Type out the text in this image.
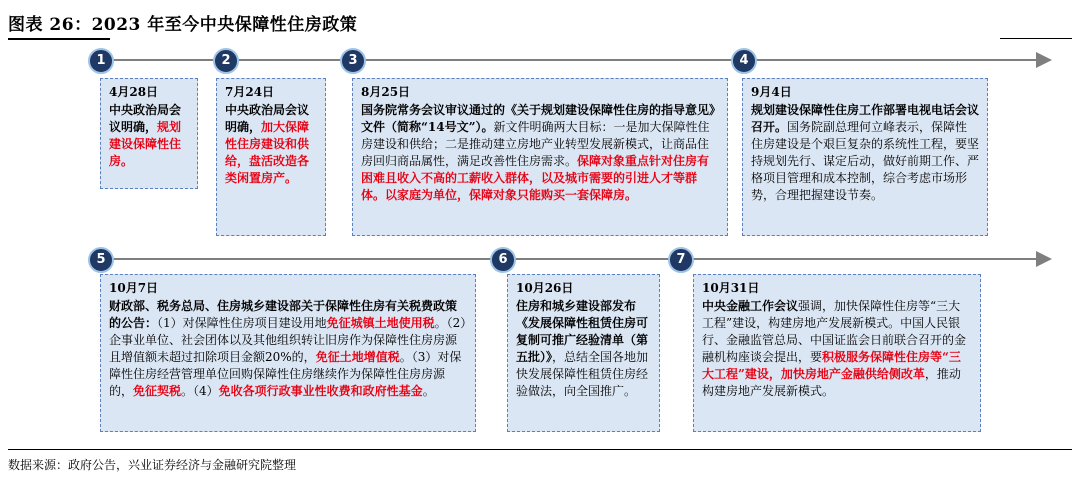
图表 26：2023 年至今中央保障性住房政策
1
4月28日

中央政治局会议明确，规划建设保障性住房。

2
7月24日

中央政治局会议明确，加大保障性住房建设和供给，盘活改造各类闲置房产。

3
8月25日

国务院常务会议审议通过的《关于规划建设保障性住房的指导意见》文件（简称“14号文”）。新文件明确两大目标：一是加大保障性住房建设和供给；二是推动建立房地产业转型发展新模式，让商品住房回归商品属性，满足改善性住房需求。保障对象重点针对住房有困难且收入不高的工薪收入群体，以及城市需要的引进人才等群体。以家庭为单位，保障对象只能购买一套保障房。

4
9月4日

规划建设保障性住房工作部署电视电话会议召开。国务院副总理何立峰表示，保障性住房建设是个艰巨复杂的系统性工程，要坚持规划先行、谋定后动，做好前期工作、严格项目管理和成本控制，综合考虑市场形势，合理把握建设节奏。

5
10月7日

财政部、税务总局、住房城乡建设部关于保障性住房有关税费政策的公告：（1）对保障性住房项目建设用地免征城镇土地使用税。（2）企事业单位、社会团体以及其他组织转让旧房作为保障性住房房源且增值额未超过扣除项目金额20%的，免征土地增值税。（3）对保障性住房经营管理单位回购保障性住房继续作为保障性住房房源的，免征契税。（4）免收各项行政事业性收费和政府性基金。

6
10月26日

住房和城乡建设部发布《发展保障性租赁住房可复制可推广经验清单（第五批）》，总结全国各地加快发展保障性租赁住房经验做法，向全国推广。

7
10月31日

中央金融工作会议强调，加快保障性住房等“三大工程”建设，构建房地产发展新模式。中国人民银行、金融监管总局、中国证监会日前联合召开的金融机构座谈会提出，要积极服务保障性住房等“三大工程”建设，加快房地产金融供给侧改革，推动构建房地产发展新模式。

数据来源：政府公告，兴业证券经济与金融研究院整理
